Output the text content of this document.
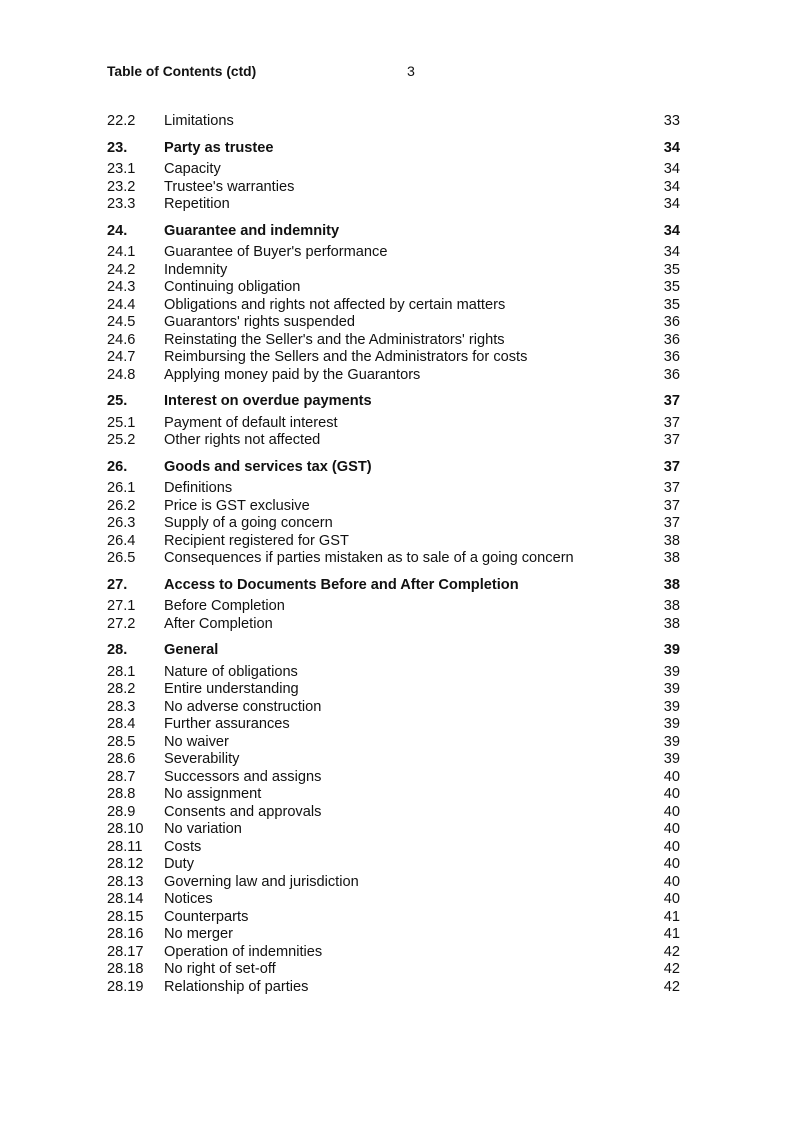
Table of Contents (ctd)	3
22.2	Limitations	33
23.	Party as trustee	34
23.1	Capacity	34
23.2	Trustee's warranties	34
23.3	Repetition	34
24.	Guarantee and indemnity	34
24.1	Guarantee of Buyer's performance	34
24.2	Indemnity	35
24.3	Continuing obligation	35
24.4	Obligations and rights not affected by certain matters	35
24.5	Guarantors' rights suspended	36
24.6	Reinstating the Seller's and the Administrators' rights	36
24.7	Reimbursing the Sellers and the Administrators for costs	36
24.8	Applying money paid by the Guarantors	36
25.	Interest on overdue payments	37
25.1	Payment of default interest	37
25.2	Other rights not affected	37
26.	Goods and services tax (GST)	37
26.1	Definitions	37
26.2	Price is GST exclusive	37
26.3	Supply of a going concern	37
26.4	Recipient registered for GST	38
26.5	Consequences if parties mistaken as to sale of a going concern	38
27.	Access to Documents Before and After Completion	38
27.1	Before Completion	38
27.2	After Completion	38
28.	General	39
28.1	Nature of obligations	39
28.2	Entire understanding	39
28.3	No adverse construction	39
28.4	Further assurances	39
28.5	No waiver	39
28.6	Severability	39
28.7	Successors and assigns	40
28.8	No assignment	40
28.9	Consents and approvals	40
28.10	No variation	40
28.11	Costs	40
28.12	Duty	40
28.13	Governing law and jurisdiction	40
28.14	Notices	40
28.15	Counterparts	41
28.16	No merger	41
28.17	Operation of indemnities	42
28.18	No right of set-off	42
28.19	Relationship of parties	42
